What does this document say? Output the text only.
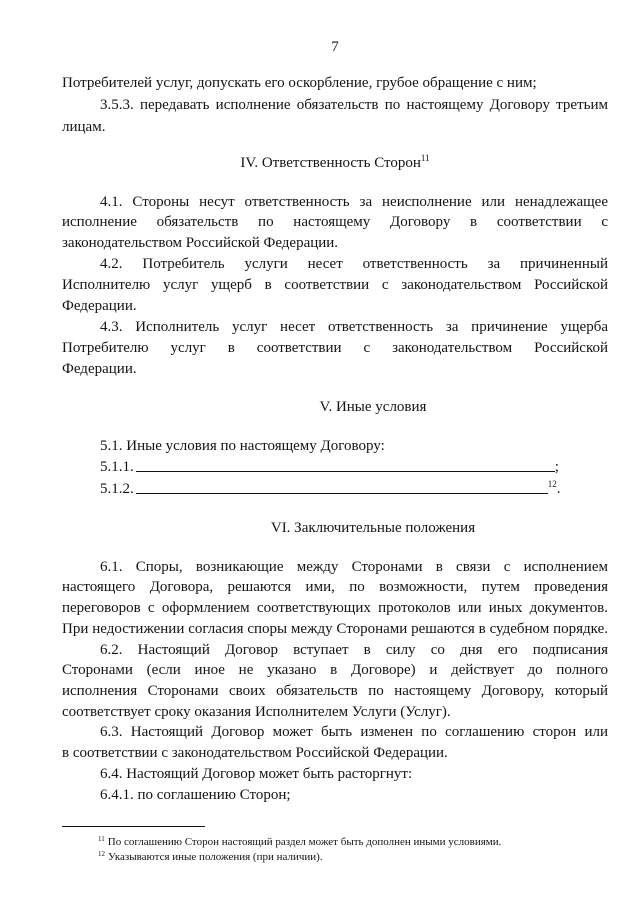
7
Потребителей услуг, допускать его оскорбление, грубое обращение с ним;
3.5.3. передавать исполнение обязательств по настоящему Договору третьим
лицам.
IV. Ответственность Сторон$^{11}$
4.1. Стороны несут ответственность за неисполнение или ненадлежащее
исполнение обязательств по настоящему Договору в соответствии с
законодательством Российской Федерации.
4.2. Потребитель услуги несет ответственность за причиненный
Исполнителю услуг ущерб в соответствии с законодательством Российской
Федерации.
4.3. Исполнитель услуг несет ответственность за причинение ущерба
Потребителю услуг в соответствии с законодательством Российской
Федерации.
V. Иные условия
5.1. Иные условия по настоящему Договору:
5.1.1.	;
5.1.2.	$^{12}$.
VI. Заключительные положения
6.1. Споры, возникающие между Сторонами в связи с исполнением
настоящего Договора, решаются ими, по возможности, путем проведения
переговоров с оформлением соответствующих протоколов или иных документов.
При недостижении согласия споры между Сторонами решаются в судебном порядке.
6.2. Настоящий Договор вступает в силу со дня его подписания
Сторонами (если иное не указано в Договоре) и действует до полного
исполнения Сторонами своих обязательств по настоящему Договору, который
соответствует сроку оказания Исполнителем Услуги (Услуг).
6.3. Настоящий Договор может быть изменен по соглашению сторон или
в соответствии с законодательством Российской Федерации.
6.4. Настоящий Договор может быть расторгнут:
6.4.1. по соглашению Сторон;
$^{11}$ По соглашению Сторон настоящий раздел может быть дополнен иными условиями.
$^{12}$ Указываются иные положения (при наличии).
